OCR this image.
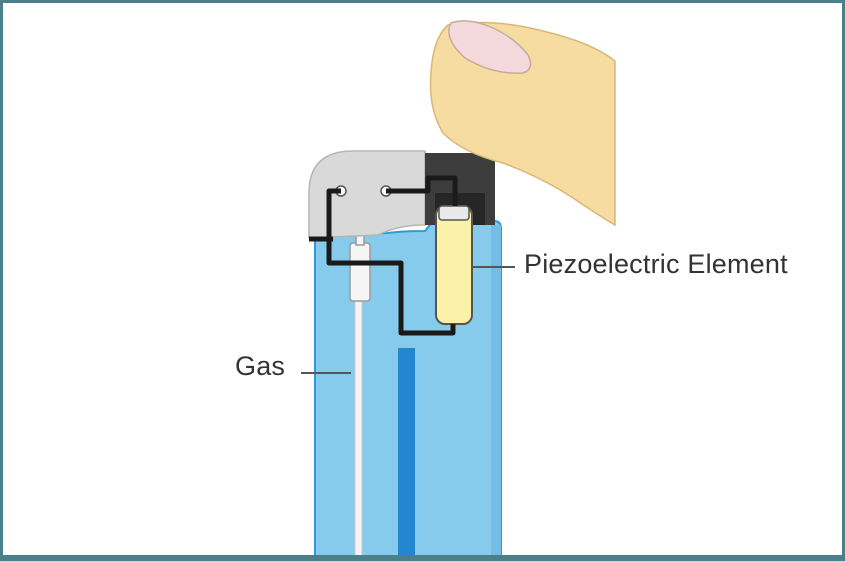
Gas
Piezoelectric Element
